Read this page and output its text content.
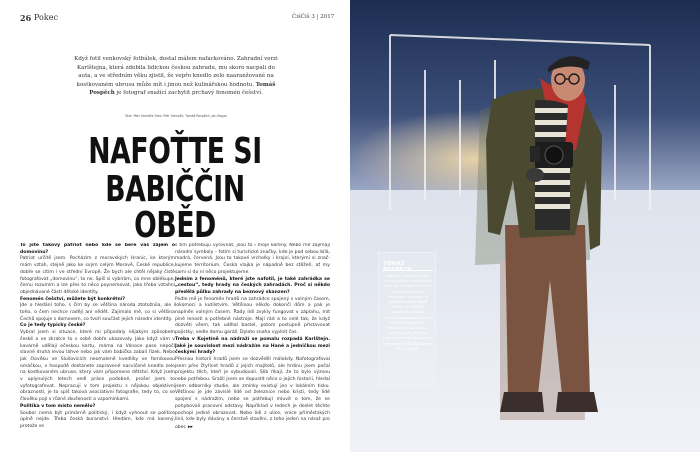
26 Pokec	ČišČiš 3 | 2017
Když fotil venkovský fotbálek, dostal málem nafackováno. Zahradní verzi Karlštejna, která zdobila lidickou českou zahradu, mu skoro nacpali do auta, a ve středním věku zjistil, že vepřo knedlo zelo naaranžované na kostkovaném ubrusu může mít i jinou než kulinářskou hodnotu. Tomáš Pospěch je fotograf snažící zachytit prchavý fenomén češství.
Text: Petr Vomáčk Foto: Petr Vomáčk, Tomáš Pospěch, Jan Bogar
NAFOŤTE SI
BABIČČIN OBĚD

To jste takový patriot nebo kde se bere váš zájem o domovinu?

Patriot určitě jsem. Pocházím z moravských Hranic, ke kterým mám vztah, stejně jako ke svým celým Moravě, České republice, dobře se cítím i ve střední Evropě. Že bych ale chtěl nějaký čistě fotografovat „domovinu“, to ne. Spíš si vybírám, co mne oblékupe, čemu rozumím a lze přes to něco poynemovat, jako třeba vztahní objednávané částí dětské identity.

Fenomén češství, můžete být konkrétní?

Jde o hledání toho, s čím by se většina národa ztotožnila, ale i toho, o čem nechce raději ani vědět. Zajímalo mě, co si většina Čechů spojuje s domovem, co tvoří součást jejich národní identity.

Co je tedy typicky české?

Vybral jsem si situace, které mi připadaly nějakým způsobem české a ve zkratce to v sobě dobře ukazovaly. Jako když vám v kavárně udělají ečeskou kartu, máma na Vánoce pase nepočí slavné druhá levou láhve nebo jak vám babička zabalí řízek. Nebo jak člověku ve Slušovicích neomaleně kvedlíky ve fornikovou omáčkou, v hospodě dostanete zapravené nacvičené knedlo zelo na kostkovaném ubruse, který vám připomene dětství. Když jsem v uplynulých letech vedl práce podobné, prošel jsem to vyfotografovat. Nepracuji v tom projektu s nějakou objektivní obrazností, je to spíš taková asociativní fotografie, tedy to, co se člověku pojí v různé zkušenosti a vzpomínkami.

Politika v tom místo nemělo?

Soubor nemá být primárně politický, i když vyhnout se politice úplně nejde. Třeba česká buranství. Hledám, kde má korený, protože se

s tím potřebuju vyrovnat, jsou to i moje kořeny. Nebo mě zajímají národní symboly – fotím si turistické značky, kde je pod sebou bílá, modrá, červená. Jsou to takové vrcholky i krajní, kterými si značkujeme territorium. Česká vlajka je nápadně bez stěžeň, ať my sami si do ní něco projektujeme.

Jedním z fenoménů, které jste nafotil, je také zahrádka se „cestou“, tedy hrady na českých zahradách. Proč si někdo předělá půlku zahrady na beznový skanzen?

Podle mě je fenomén hradů na zahrádce spojený s volným časem, lokomocí a kutilstvím. Většinou někdo dokončí dům a pak je naplněn volným časem. Řady lidí zvykly fungovat v záplahu, mít plné lenosti a potřebné nástroje. Mají rád a to celé tak, že když dozvěti všem, tak udělal bastel, potom postupně přistavovat pojistky, vedle domu garáž. Dylato snaha vyplnit čas.

Treba v Kojetíně na nádraží se pomalu rozpadá Karlštejn. Jaké je souvislost mezi nádražím na Hané a jedničkou mezi českými hrady?

Přesnou historii hradů jsem se dozvěděl málokdy. Nafotografoval jsem přes čtyřicet hradů z jejich majitelů, ale hrdinu jsem počal projektu těch, kteří je vybudovali. Slib říkají, že to bylo výzvou nebo potřebou. Sražil jsem se dopustit něco o jejich historii, hledal jsem odborníky studie, ale zmínky existují jen v lokálním tisku. Většinou je jde závislé lidé od železnice nebo kristi, tedy lidé spojení s nádražím, nebo se potřebují mluvit o tom, že se pohybovali pracovní odstavy. Například v ledech je deslet těchto pochopí jediné obrazovat. Nebo lidi z ulice, vnice příměstských linií, kde byly dávány a čerstvě stavěni, z toho jeden na nárož pro obec ▸▸

TOMÁŠ POSPĚCH
Fotograf, historik umění, volný kurátor a vydavatel. Vyučuje na Institutu tvůrčí fotografie Slezské univerzity v Opavě. Je autorem fotografické tvorbě ve zdejším domácím mezinár. ukázaná fotografická kniha a řadě monografií. Nedávno vydal knihu o komparacích, do roku připravuje autorskou knihu o fenoménu JZD Slušovice. Žije v Praze.
